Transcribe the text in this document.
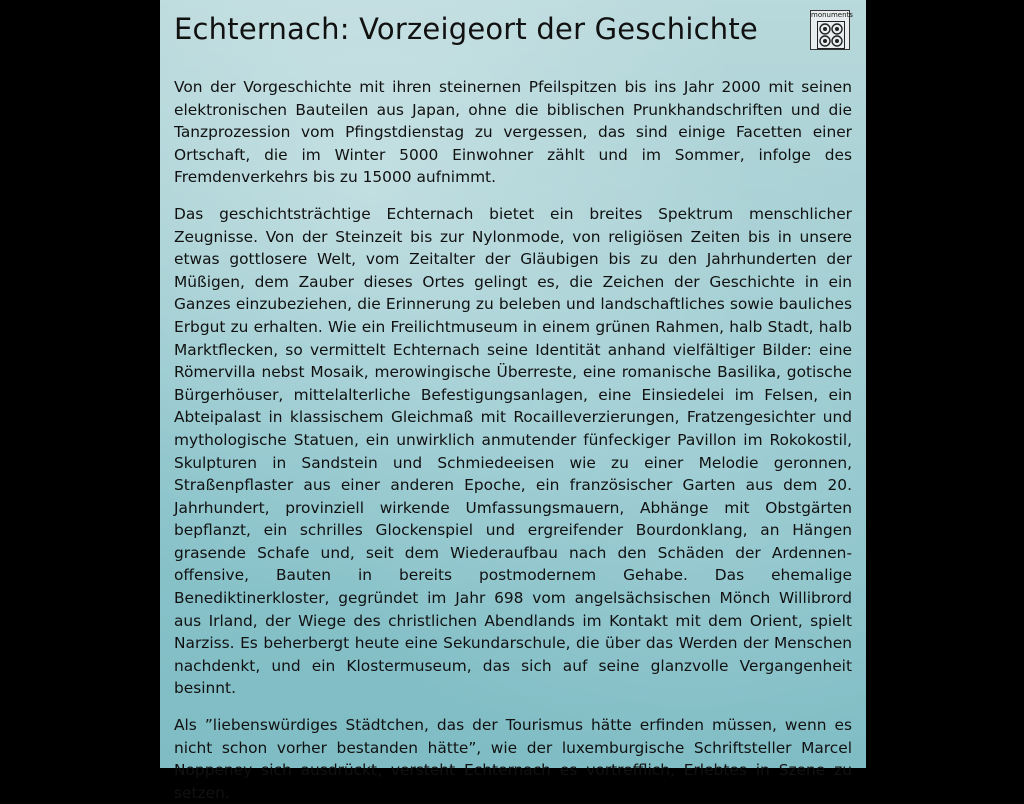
Echternach: Vorzeigeort der Geschichte	monuments

Von der Vorgeschichte mit ihren steinernen Pfeilspitzen bis ins Jahr 2000 mit seinen elektronischen Bauteilen aus Japan, ohne die biblischen Prunkhandschriften und die Tanzprozession vom Pfingstdienstag zu vergessen, das sind einige Facetten einer Ortschaft, die im Winter 5000 Einwohner zählt und im Sommer, infolge des Fremdenverkehrs bis zu 15000 aufnimmt.

Das geschichtsträchtige Echternach bietet ein breites Spektrum menschlicher Zeugnisse. Von der Steinzeit bis zur Nylonmode, von religiösen Zeiten bis in unsere etwas gottlosere Welt, vom Zeitalter der Gläubigen bis zu den Jahrhunderten der Müßigen, dem Zauber dieses Ortes gelingt es, die Zeichen der Geschichte in ein Ganzes einzubeziehen, die Erinnerung zu beleben und landschaftliches sowie bauliches Erbgut zu erhalten. Wie ein Freilichtmuseum in einem grünen Rahmen, halb Stadt, halb Marktflecken, so vermittelt Echternach seine Identität anhand vielfältiger Bilder: eine Römervilla nebst Mosaik, merowingische Überreste, eine romanische Basilika, gotische Bürgerhöuser, mittelalterliche Befestigungsanlagen, eine Einsiedelei im Felsen, ein Abteipalast in klassischem Gleichmaß mit Rocailleverzierungen, Fratzengesichter und mythologische Statuen, ein unwirklich anmutender fünfeckiger Pavillon im Rokokostil, Skulpturen in Sandstein und Schmiedeeisen wie zu einer Melodie geronnen, Straßenpflaster aus einer anderen Epoche, ein französischer Garten aus dem 20. Jahrhundert, provinziell wirkende Umfassungsmauern, Abhänge mit Obstgärten bepflanzt, ein schrilles Glockenspiel und ergreifender Bourdonklang, an Hängen grasende Schafe und, seit dem Wiederaufbau nach den Schäden der Ardennenoffensive, Bauten in bereits postmodernem Gehabe. Das ehemalige Benediktinerkloster, gegründet im Jahr 698 vom angelsächsischen Mönch Willibrord aus Irland, der Wiege des christlichen Abendlands im Kontakt mit dem Orient, spielt Narziss. Es beherbergt heute eine Sekundarschule, die über das Werden der Menschen nachdenkt, und ein Klostermuseum, das sich auf seine glanzvolle Vergangenheit besinnt.

Als ”liebenswürdiges Städtchen, das der Tourismus hätte erfinden müssen, wenn es nicht schon vorher bestanden hätte”, wie der luxemburgische Schriftsteller Marcel Noppeney sich ausdrückt, versteht Echternach es vortrefflich, Erlebtes in Szene zu setzen.
